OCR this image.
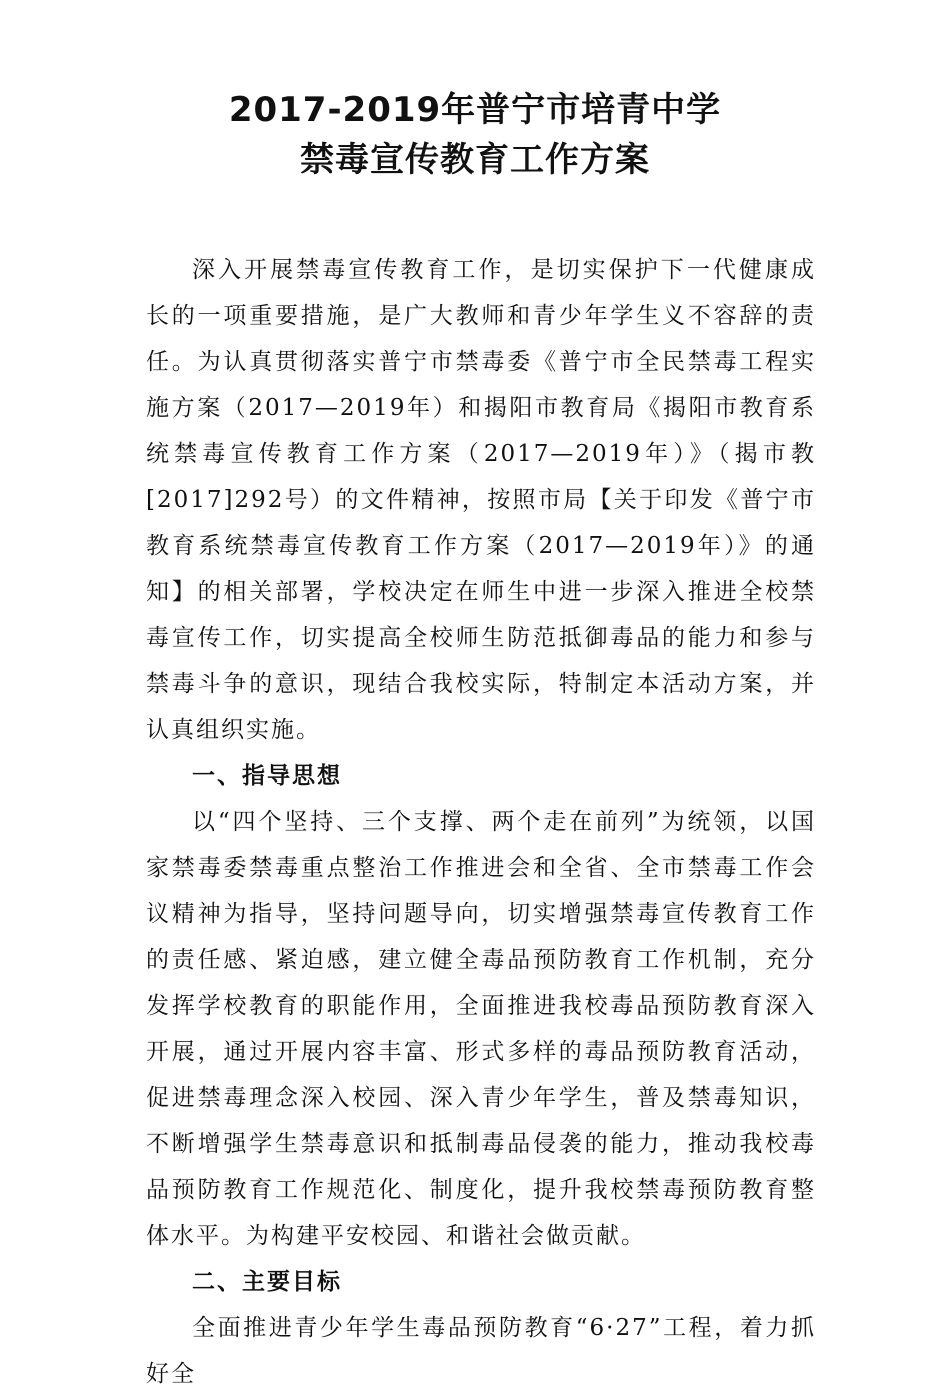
2017-2019年普宁市培青中学
禁毒宣传教育工作方案

深入开展禁毒宣传教育工作，是切实保护下一代健康成长的一项重要措施，是广大教师和青少年学生义不容辞的责任。为认真贯彻落实普宁市禁毒委《普宁市全民禁毒工程实施方案（2017—2019年）和揭阳市教育局《揭阳市教育系统禁毒宣传教育工作方案（2017—2019年）》（揭市教[2017]292号）的文件精神，按照市局【关于印发《普宁市教育系统禁毒宣传教育工作方案（2017—2019年）》的通知】的相关部署，学校决定在师生中进一步深入推进全校禁毒宣传工作，切实提高全校师生防范抵御毒品的能力和参与禁毒斗争的意识，现结合我校实际，特制定本活动方案，并认真组织实施。

一、指导思想

以“四个坚持、三个支撑、两个走在前列”为统领，以国家禁毒委禁毒重点整治工作推进会和全省、全市禁毒工作会议精神为指导，坚持问题导向，切实增强禁毒宣传教育工作的责任感、紧迫感，建立健全毒品预防教育工作机制，充分发挥学校教育的职能作用，全面推进我校毒品预防教育深入开展，通过开展内容丰富、形式多样的毒品预防教育活动，促进禁毒理念深入校园、深入青少年学生，普及禁毒知识，不断增强学生禁毒意识和抵制毒品侵袭的能力，推动我校毒品预防教育工作规范化、制度化，提升我校禁毒预防教育整体水平。为构建平安校园、和谐社会做贡献。

二、主要目标

全面推进青少年学生毒品预防教育“6·27”工程，着力抓好全
